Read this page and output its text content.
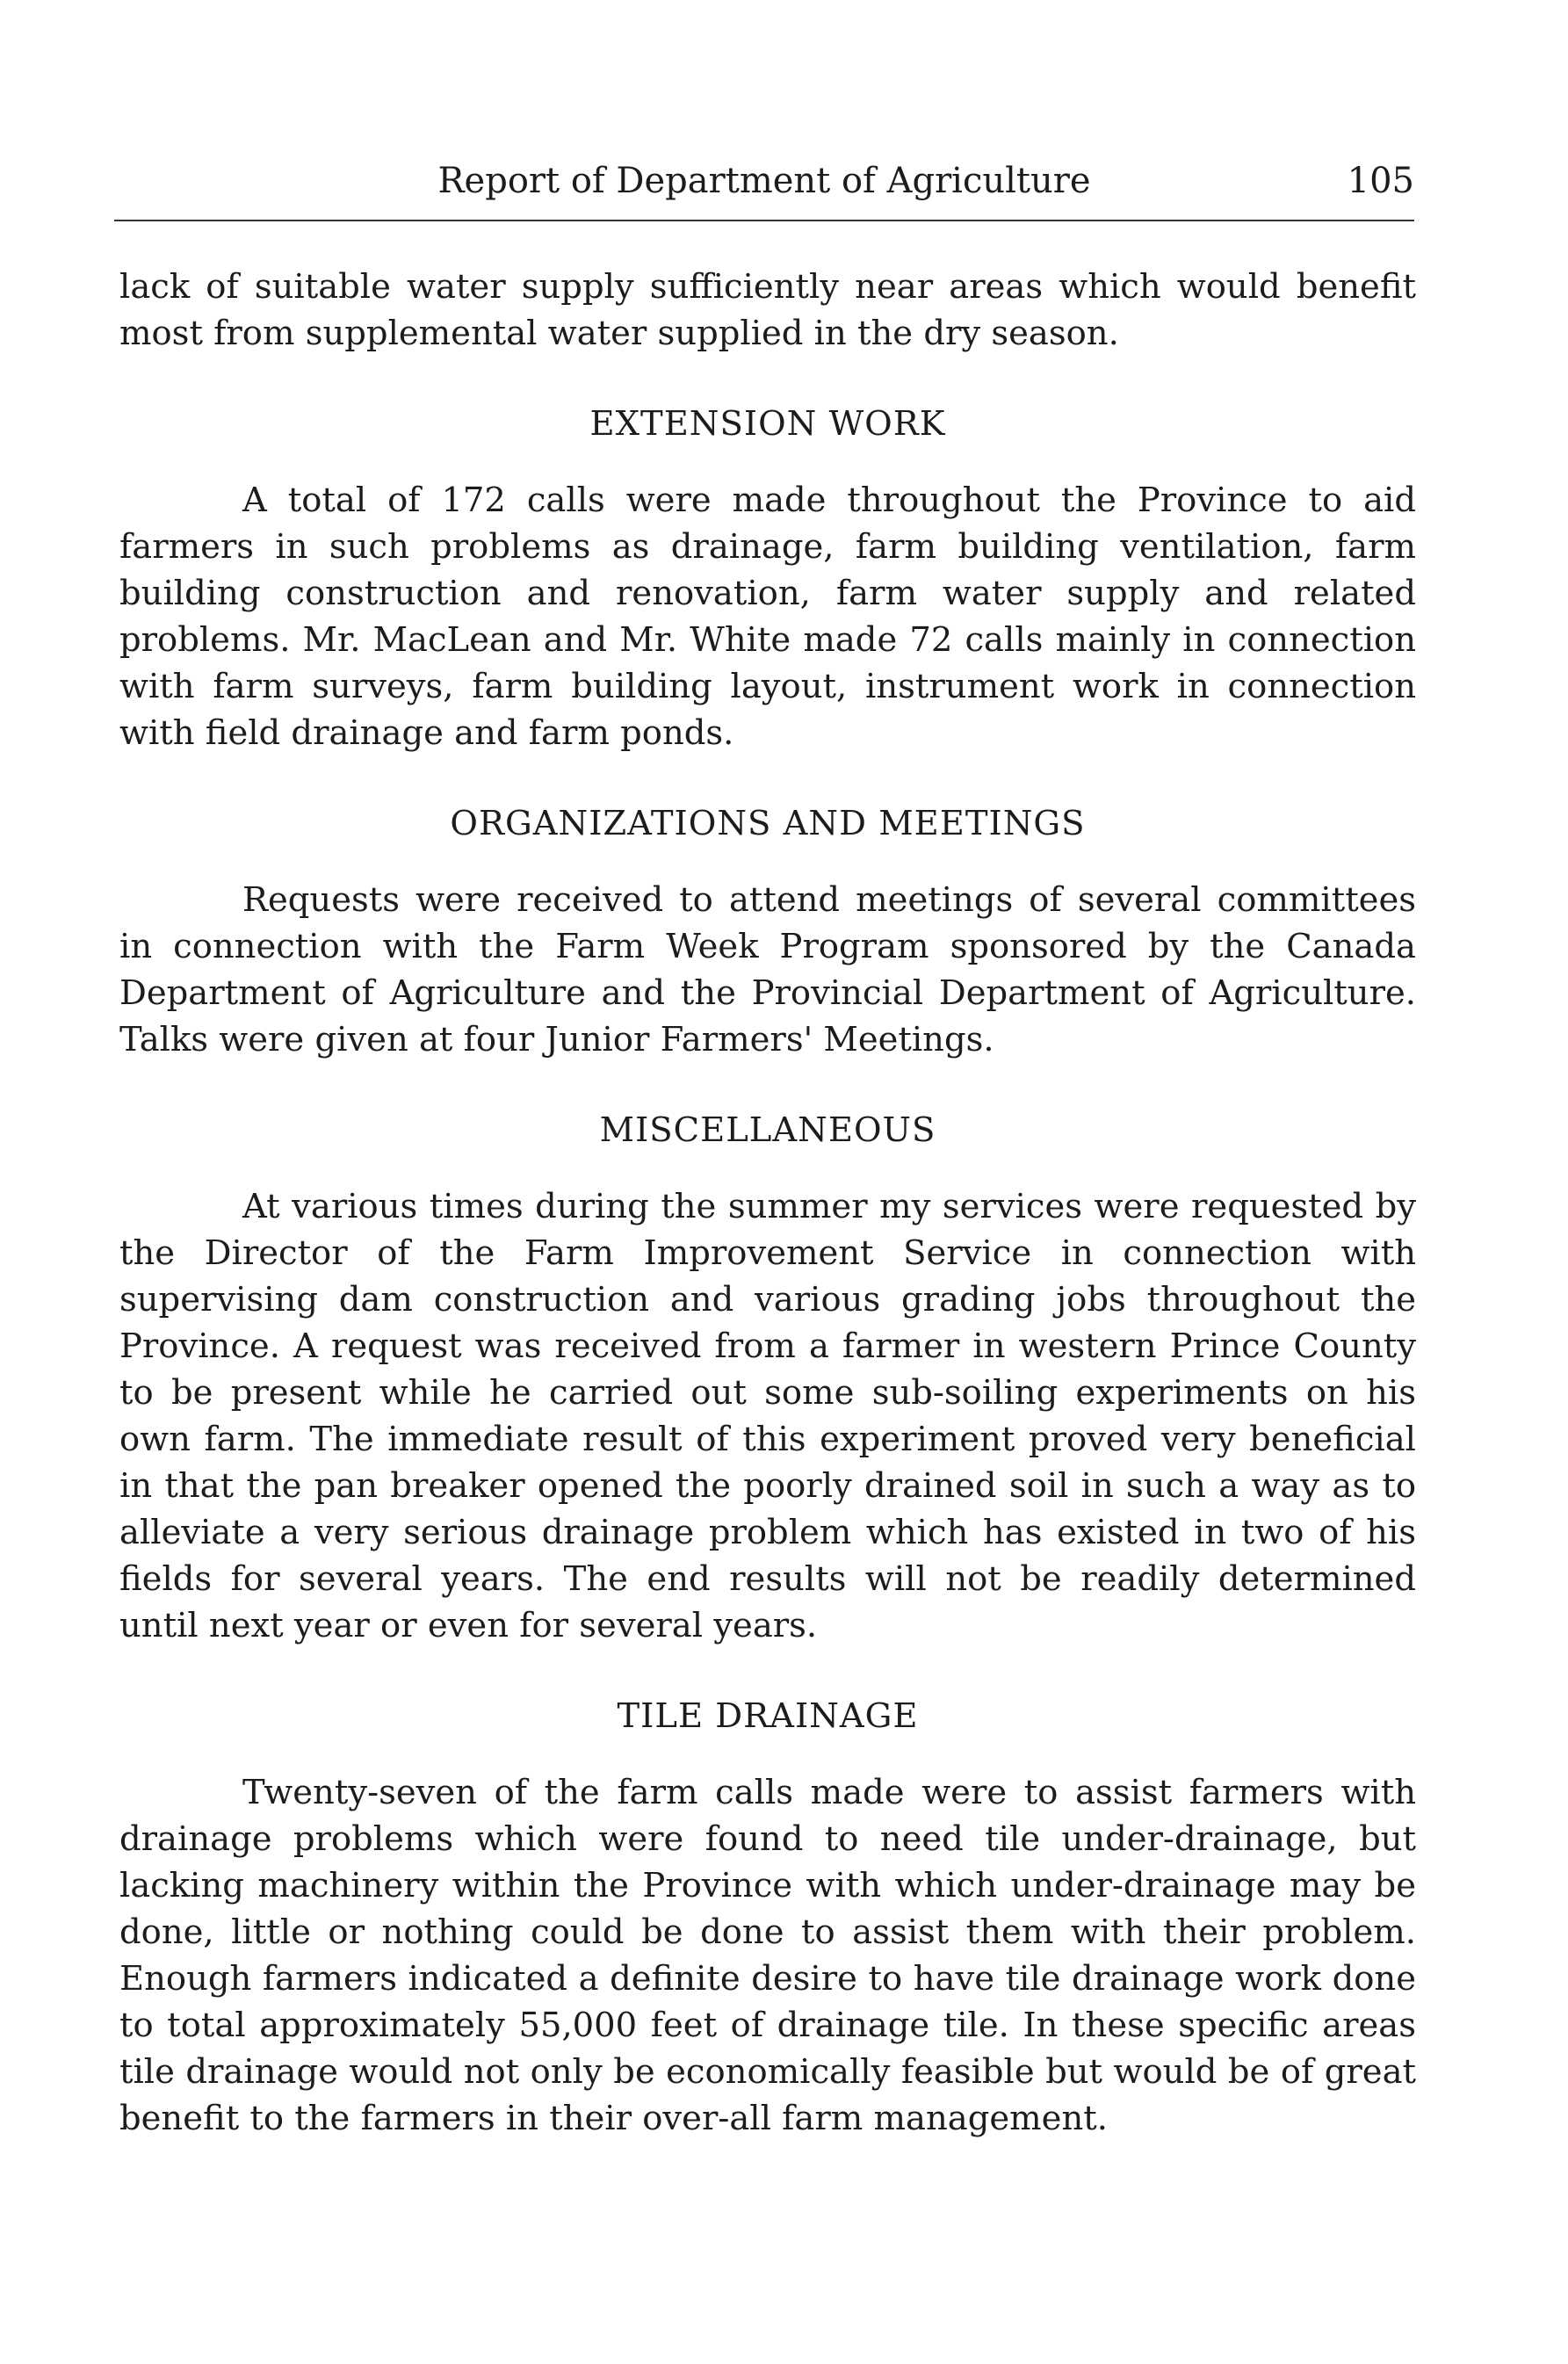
Report of Department of Agriculture	105

lack of suitable water supply sufficiently near areas which would benefit most from supplemental water supplied in the dry season.

EXTENSION WORK

A total of 172 calls were made throughout the Province to aid farmers in such problems as drainage, farm building ventilation, farm building construction and renovation, farm water supply and related problems. Mr. MacLean and Mr. White made 72 calls mainly in connection with farm surveys, farm building layout, instrument work in connection with field drainage and farm ponds.

ORGANIZATIONS AND MEETINGS

Requests were received to attend meetings of several committees in connection with the Farm Week Program sponsored by the Canada Department of Agriculture and the Provincial Department of Agriculture. Talks were given at four Junior Farmers' Meetings.

MISCELLANEOUS

At various times during the summer my services were requested by the Director of the Farm Improvement Service in connection with supervising dam construction and various grading jobs throughout the Province. A request was received from a farmer in western Prince County to be present while he carried out some sub-soiling experiments on his own farm. The immediate result of this experiment proved very beneficial in that the pan breaker opened the poorly drained soil in such a way as to alleviate a very serious drainage problem which has existed in two of his fields for several years. The end results will not be readily determined until next year or even for several years.

TILE DRAINAGE

Twenty-seven of the farm calls made were to assist farmers with drainage problems which were found to need tile under-drainage, but lacking machinery within the Province with which under-drainage may be done, little or nothing could be done to assist them with their problem. Enough farmers indicated a definite desire to have tile drainage work done to total approximately 55,000 feet of drainage tile. In these specific areas tile drainage would not only be economically feasible but would be of great benefit to the farmers in their over-all farm management.
